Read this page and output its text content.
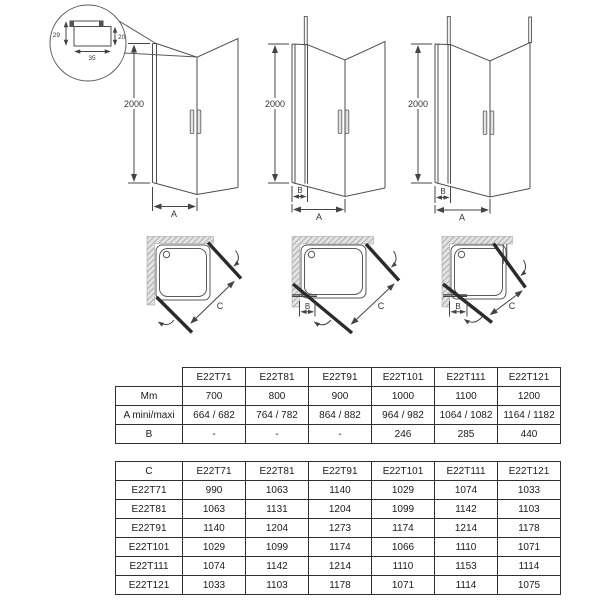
29	20
35
2000
A
2000
B
A
2000
B
A
C	B	C	B	C
	E22T71	E22T81	E22T91	E22T101	E22T111	E22T121
Mm	700	800	900	1000	1100	1200
A mini/maxi	664 / 682	764 / 782	864 / 882	964 / 982	1064 / 1082	1164 / 1182
B	-	-	-	246	285	440
C	E22T71	E22T81	E22T91	E22T101	E22T111	E22T121
E22T71	990	1063	1140	1029	1074	1033
E22T81	1063	1131	1204	1099	1142	1103
E22T91	1140	1204	1273	1174	1214	1178
E22T101	1029	1099	1174	1066	1110	1071
E22T111	1074	1142	1214	1110	1153	1114
E22T121	1033	1103	1178	1071	1114	1075
